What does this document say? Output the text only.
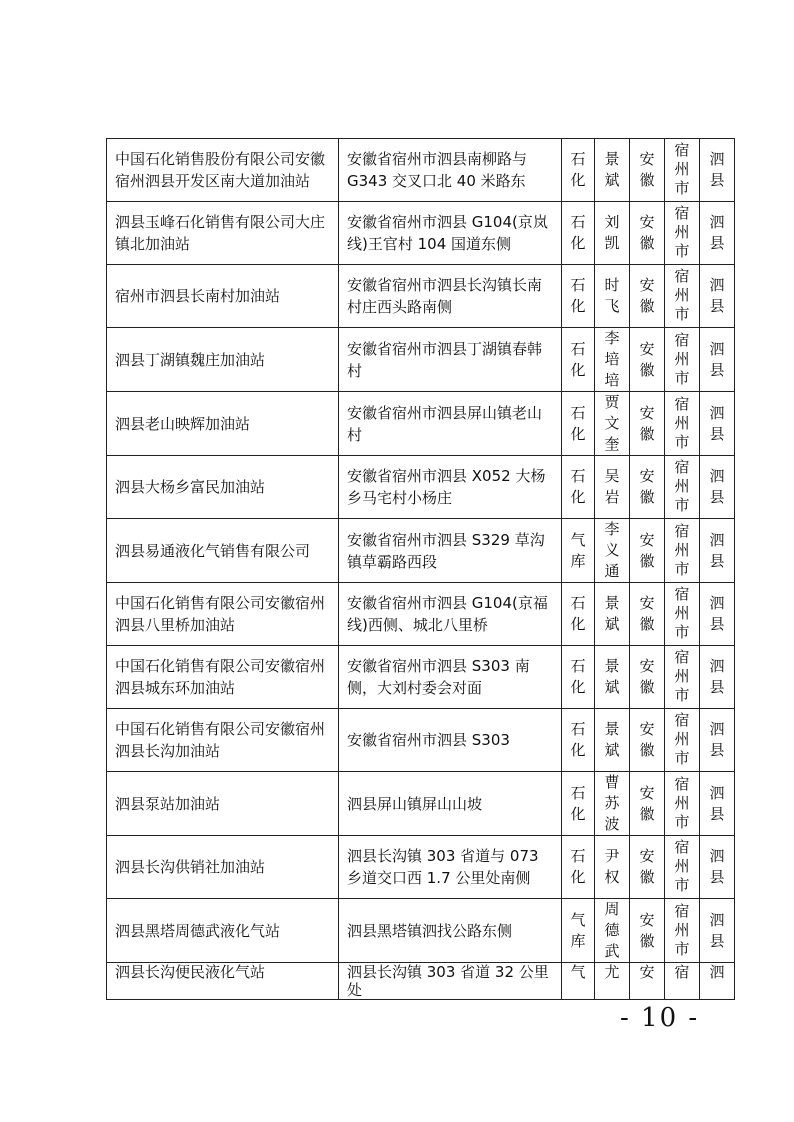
中国石化销售股份有限公司安徽宿州泗县开发区南大道加油站	安徽省宿州市泗县南柳路与G343 交叉口北 40 米路东	石化	景斌	安徽	宿州市	泗县
泗县玉峰石化销售有限公司大庄镇北加油站	安徽省宿州市泗县 G104(京岚线)王官村 104 国道东侧	石化	刘凯	安徽	宿州市	泗县
宿州市泗县长南村加油站	安徽省宿州市泗县长沟镇长南村庄西头路南侧	石化	时飞	安徽	宿州市	泗县
泗县丁湖镇魏庄加油站	安徽省宿州市泗县丁湖镇春韩村	石化	李培培	安徽	宿州市	泗县
泗县老山映辉加油站	安徽省宿州市泗县屏山镇老山村	石化	贾文奎	安徽	宿州市	泗县
泗县大杨乡富民加油站	安徽省宿州市泗县 X052 大杨乡马宅村小杨庄	石化	吴岩	安徽	宿州市	泗县
泗县易通液化气销售有限公司	安徽省宿州市泗县 S329 草沟镇草霸路西段	气库	李义通	安徽	宿州市	泗县
中国石化销售有限公司安徽宿州泗县八里桥加油站	安徽省宿州市泗县 G104(京福线)西侧、城北八里桥	石化	景斌	安徽	宿州市	泗县
中国石化销售有限公司安徽宿州泗县城东环加油站	安徽省宿州市泗县 S303 南侧，大刘村委会对面	石化	景斌	安徽	宿州市	泗县
中国石化销售有限公司安徽宿州泗县长沟加油站	安徽省宿州市泗县 S303	石化	景斌	安徽	宿州市	泗县
泗县泵站加油站	泗县屏山镇屏山山坡	石化	曹苏波	安徽	宿州市	泗县
泗县长沟供销社加油站	泗县长沟镇 303 省道与 073 乡道交口西 1.7 公里处南侧	石化	尹权	安徽	宿州市	泗县
泗县黑塔周德武液化气站	泗县黑塔镇泗找公路东侧	气库	周德武	安徽	宿州市	泗县
泗县长沟便民液化气站	泗县长沟镇 303 省道 32 公里处	气	尤	安	宿	泗
- 10 -
